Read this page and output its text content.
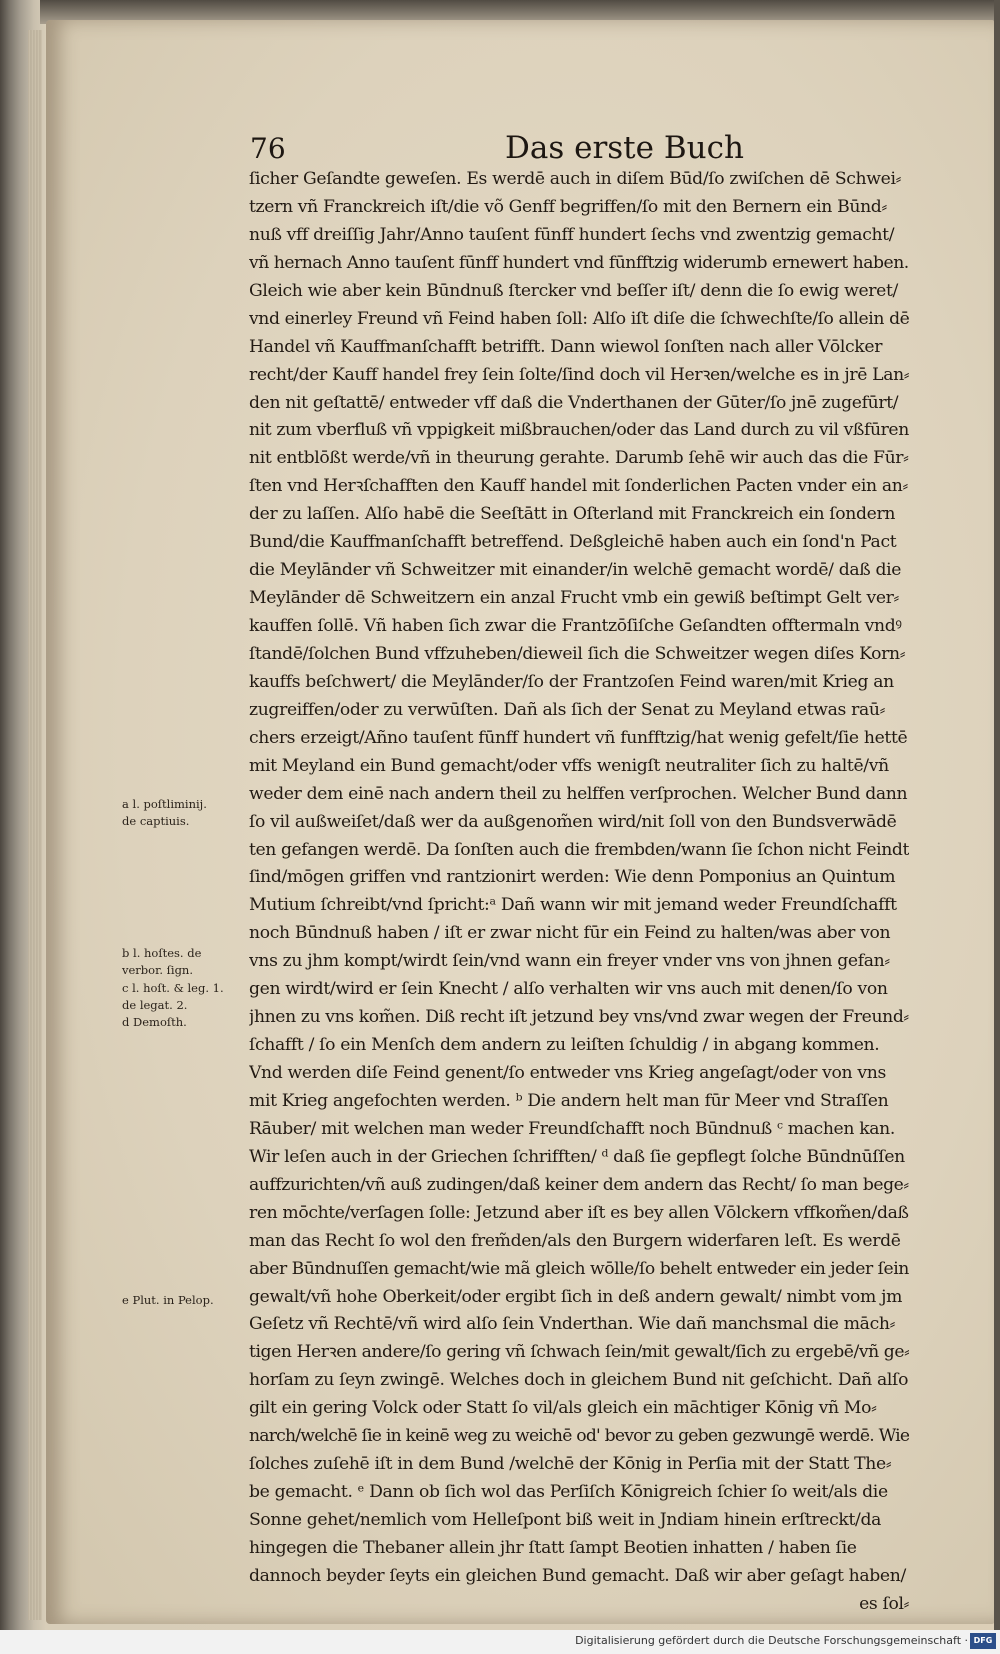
76	Das erste Buch
ſicher Geſandte geweſen. Es werdē auch in diſem Būd/ſo zwiſchen dē Schwei⸗
tzern vñ Franckreich iſt/die võ Genff begriffen/ſo mit den Bernern ein Būnd⸗
nuß vff dreiſſig Jahr/Anno tauſent fūnff hundert ſechs vnd zwentzig gemacht/
vñ hernach Anno tauſent fūnff hundert vnd fūnfftzig widerumb ernewert haben.
Gleich wie aber kein Būndnuß ſtercker vnd beſſer iſt/ denn die ſo ewig weret/
vnd einerley Freund vñ Feind haben ſoll: Alſo iſt diſe die ſchwechſte/ſo allein dē
Handel vñ Kauffmanſchafft betrifft. Dann wiewol ſonſten nach aller Vōlcker
recht/der Kauff handel frey ſein ſolte/ſind doch vil Herꝛen/welche es in jrē Lan⸗
den nit geſtattē/ entweder vff daß die Vnderthanen der Gūter/ſo jnē zugefūrt/
nit zum vberfluß vñ vppigkeit mißbrauchen/oder das Land durch zu vil vßfūren
nit entblōßt werde/vñ in theurung gerahte. Darumb ſehē wir auch das die Fūr⸗
ſten vnd Herꝛſchafften den Kauff handel mit ſonderlichen Pacten vnder ein an⸗
der zu laſſen. Alſo habē die Seeſtātt in Oſterland mit Franckreich ein ſondern
Bund/die Kauffmanſchafft betreffend. Deßgleichē haben auch ein ſond'n Pact
die Meylānder vñ Schweitzer mit einander/in welchē gemacht wordē/ daß die
Meylānder dē Schweitzern ein anzal Frucht vmb ein gewiß beſtimpt Gelt ver⸗
kauffen ſollē. Vñ haben ſich zwar die Frantzōſiſche Geſandten offtermaln vndꝰ
ſtandē/ſolchen Bund vffzuheben/dieweil ſich die Schweitzer wegen diſes Korn⸗
kauffs beſchwert/ die Meylānder/ſo der Frantzoſen Feind waren/mit Krieg an
zugreiffen/oder zu verwūſten. Dañ als ſich der Senat zu Meyland etwas raū⸗
chers erzeigt/Añno tauſent fūnff hundert vñ funfftzig/hat wenig gefelt/ſie hettē
mit Meyland ein Bund gemacht/oder vffs wenigſt neutraliter ſich zu haltē/vñ
weder dem einē nach andern theil zu helffen verſprochen. Welcher Bund dann
ſo vil außweiſet/daß wer da außgenom̃en wird/nit ſoll von den Bundsverwādē
ten gefangen werdē. Da ſonſten auch die frembden/wann ſie ſchon nicht Feindt
ſind/mōgen griffen vnd rantzionirt werden: Wie denn Pomponius an Quintum
Mutium ſchreibt/vnd ſpricht:ᵃ Dañ wann wir mit jemand weder Freundſchafft
noch Būndnuß haben / iſt er zwar nicht fūr ein Feind zu halten/was aber von
vns zu jhm kompt/wirdt ſein/vnd wann ein freyer vnder vns von jhnen gefan⸗
gen wirdt/wird er ſein Knecht / alſo verhalten wir vns auch mit denen/ſo von
jhnen zu vns kom̃en. Diß recht iſt jetzund bey vns/vnd zwar wegen der Freund⸗
ſchafft / ſo ein Menſch dem andern zu leiſten ſchuldig / in abgang kommen.
Vnd werden diſe Feind genent/ſo entweder vns Krieg angeſagt/oder von vns
mit Krieg angefochten werden. ᵇ Die andern helt man fūr Meer vnd Straſſen
Rāuber/ mit welchen man weder Freundſchafft noch Būndnuß ᶜ machen kan.
Wir leſen auch in der Griechen ſchrifften/ ᵈ daß ſie gepflegt ſolche Būndnūſſen
auffzurichten/vñ auß zudingen/daß keiner dem andern das Recht/ ſo man bege⸗
ren mōchte/verſagen ſolle: Jetzund aber iſt es bey allen Vōlckern vffkom̃en/daß
man das Recht ſo wol den frem̃den/als den Burgern widerfaren leſt. Es werdē
aber Būndnuſſen gemacht/wie mã gleich wōlle/ſo behelt entweder ein jeder ſein
gewalt/vñ hohe Oberkeit/oder ergibt ſich in deß andern gewalt/ nimbt vom jm
Geſetz vñ Rechtē/vñ wird alſo ſein Vnderthan. Wie dañ manchsmal die māch⸗
tigen Herꝛen andere/ſo gering vñ ſchwach ſein/mit gewalt/ſich zu ergebē/vñ ge⸗
horſam zu ſeyn zwingē. Welches doch in gleichem Bund nit geſchicht. Dañ alſo
gilt ein gering Volck oder Statt ſo vil/als gleich ein māchtiger Kōnig vñ Mo⸗
narch/welchē ſie in keinē weg zu weichē od' bevor zu geben gezwungē werdē. Wie
ſolches zuſehē iſt in dem Bund /welchē der Kōnig in Perſia mit der Statt The⸗
be gemacht. ᵉ Dann ob ſich wol das Perſiſch Kōnigreich ſchier ſo weit/als die
Sonne gehet/nemlich vom Helleſpont biß weit in Jndiam hinein erſtreckt/da
hingegen die Thebaner allein jhr ſtatt ſampt Beotien inhatten / haben ſie
dannoch beyder ſeyts ein gleichen Bund gemacht. Daß wir aber geſagt haben/
es ſol⸗
a l. poſtliminij.
de captiuis.
b l. hoſtes. de
verbor. ſign.
c l. hoſt. & leg. 1.
de legat. 2.
d Demoſth.
e Plut. in Pelop.
Digitalisierung gefördert durch die Deutsche Forschungsgemeinschaft · DFG
